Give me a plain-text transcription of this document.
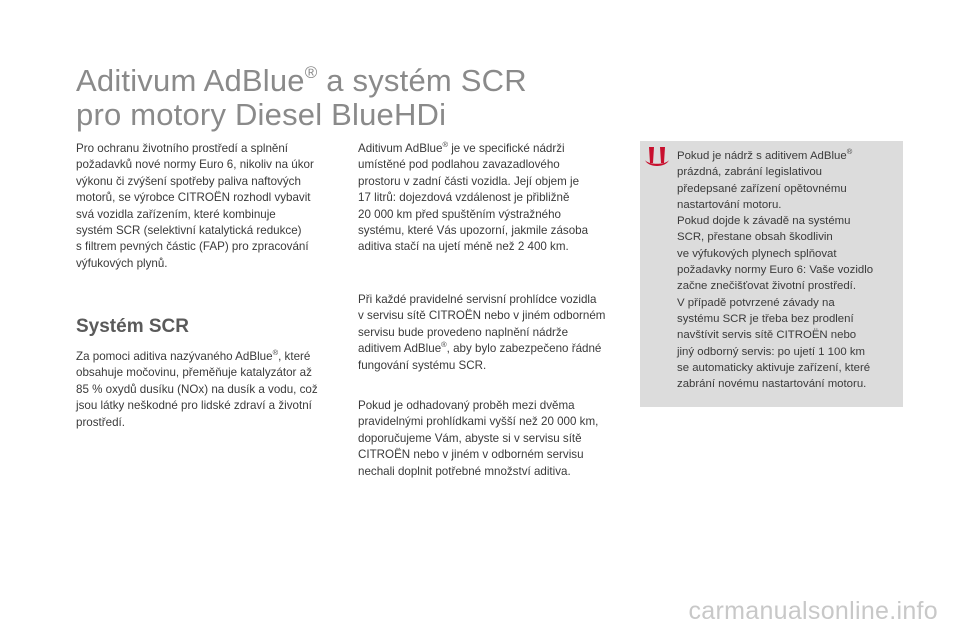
Aditivum AdBlue® a systém SCR
pro motory Diesel BlueHDi

Pro ochranu životního prostředí a splnění
požadavků nové normy Euro 6, nikoliv na úkor
výkonu či zvýšení spotřeby paliva naftových
motorů, se výrobce CITROËN rozhodl vybavit
svá vozidla zařízením, které kombinuje
systém SCR (selektivní katalytická redukce)
s filtrem pevných částic (FAP) pro zpracování
výfukových plynů.

Systém SCR

Za pomoci aditiva nazývaného AdBlue®, které
obsahuje močovinu, přeměňuje katalyzátor až
85 % oxydů dusíku (NOx) na dusík a vodu, což
jsou látky neškodné pro lidské zdraví a životní
prostředí.

Aditivum AdBlue® je ve specifické nádrži
umístěné pod podlahou zavazadlového
prostoru v zadní části vozidla. Její objem je
17 litrů: dojezdová vzdálenost je přibližně
20 000 km před spuštěním výstražného
systému, které Vás upozorní, jakmile zásoba
aditiva stačí na ujetí méně než 2 400 km.

Při každé pravidelné servisní prohlídce vozidla
v servisu sítě CITROËN nebo v jiném odborném
servisu bude provedeno naplnění nádrže
aditivem AdBlue®, aby bylo zabezpečeno řádné
fungování systému SCR.

Pokud je odhadovaný proběh mezi dvěma
pravidelnými prohlídkami vyšší než 20 000 km,
doporučujeme Vám, abyste si v servisu sítě
CITROËN nebo v jiném v odborném servisu
nechali doplnit potřebné množství aditiva.

Pokud je nádrž s aditivem AdBlue®
prázdná, zabrání legislativou
předepsané zařízení opětovnému
nastartování motoru.
Pokud dojde k závadě na systému
SCR, přestane obsah škodlivin
ve výfukových plynech splňovat
požadavky normy Euro 6: Vaše vozidlo
začne znečišťovat životní prostředí.
V případě potvrzené závady na
systému SCR je třeba bez prodlení
navštívit servis sítě CITROËN nebo
jiný odborný servis: po ujetí 1 100 km
se automaticky aktivuje zařízení, které
zabrání novému nastartování motoru.

carmanualsonline.info
